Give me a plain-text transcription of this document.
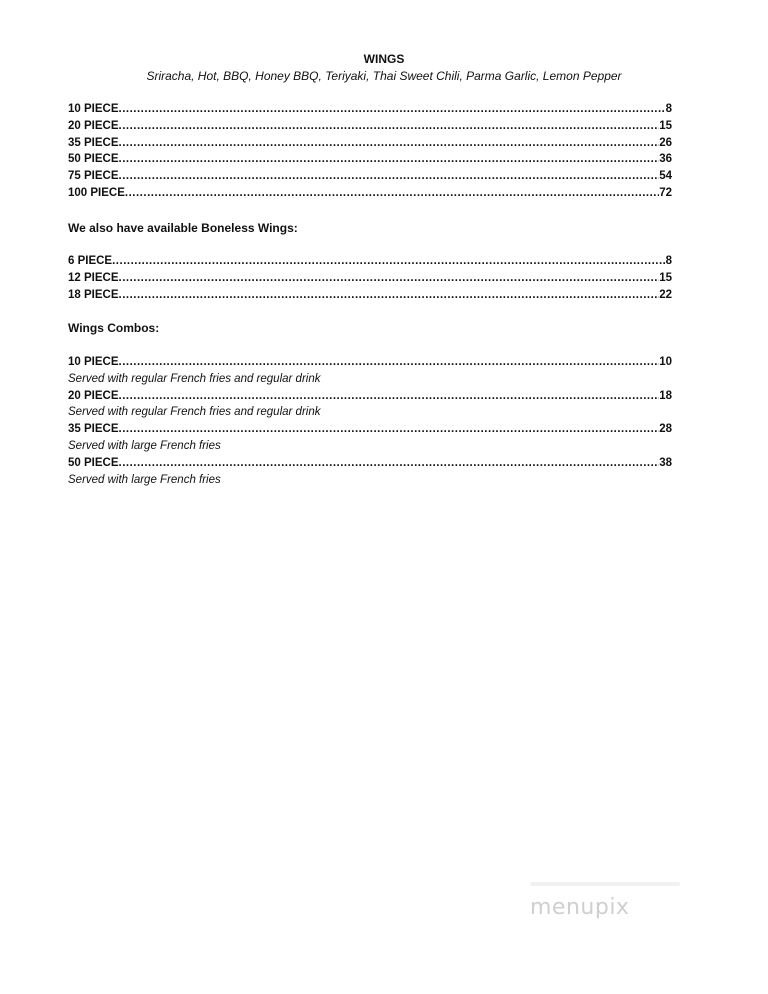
WINGS
Sriracha, Hot, BBQ, Honey BBQ, Teriyaki, Thai Sweet Chili, Parma Garlic, Lemon Pepper
10 PIECE .....	8
20 PIECE .....	15
35 PIECE .....	26
50 PIECE .....	36
75 PIECE .....	54
100 PIECE .....	72
We also have available Boneless Wings:
6 PIECE .....	8
12 PIECE .....	15
18 PIECE .....	22
Wings Combos:
10 PIECE .....	10
Served with regular French fries and regular drink
20 PIECE .....	18
Served with regular French fries and regular drink
35 PIECE .....	28
Served with large French fries
50 PIECE .....	38
Served with large French fries
menupix
